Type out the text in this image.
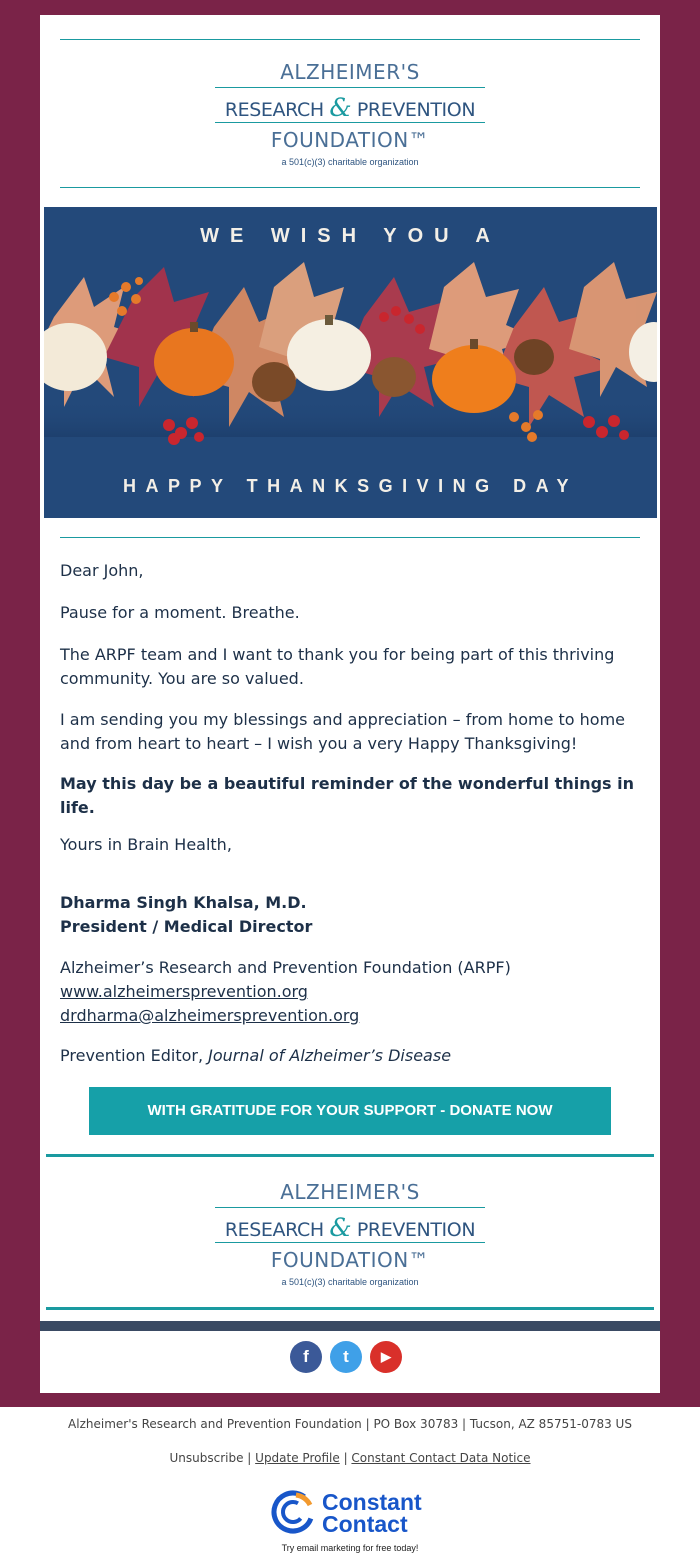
ALZHEIMER'S
RESEARCH & PREVENTION
FOUNDATION™
a 501(c)(3) charitable organization
WE WISH YOU A
HAPPY THANKSGIVING DAY
Dear John,
Pause for a moment. Breathe.
The ARPF team and I want to thank you for being part of this thriving
community. You are so valued.
I am sending you my blessings and appreciation – from home to home
and from heart to heart – I wish you a very Happy Thanksgiving!
May this day be a beautiful reminder of the wonderful things in life.
Yours in Brain Health,
Dharma Singh Khalsa, M.D.
President / Medical Director
Alzheimer’s Research and Prevention Foundation (ARPF)
www.alzheimersprevention.org
drdharma@alzheimersprevention.org
Prevention Editor, Journal of Alzheimer’s Disease
WITH GRATITUDE FOR YOUR SUPPORT - DONATE NOW
ALZHEIMER'S
RESEARCH & PREVENTION
FOUNDATION™
a 501(c)(3) charitable organization
f	t	▶
Alzheimer's Research and Prevention Foundation | PO Box 30783 | Tucson, AZ 85751-0783 US
Unsubscribe | Update Profile | Constant Contact Data Notice
Constant
Contact
Try email marketing for free today!
